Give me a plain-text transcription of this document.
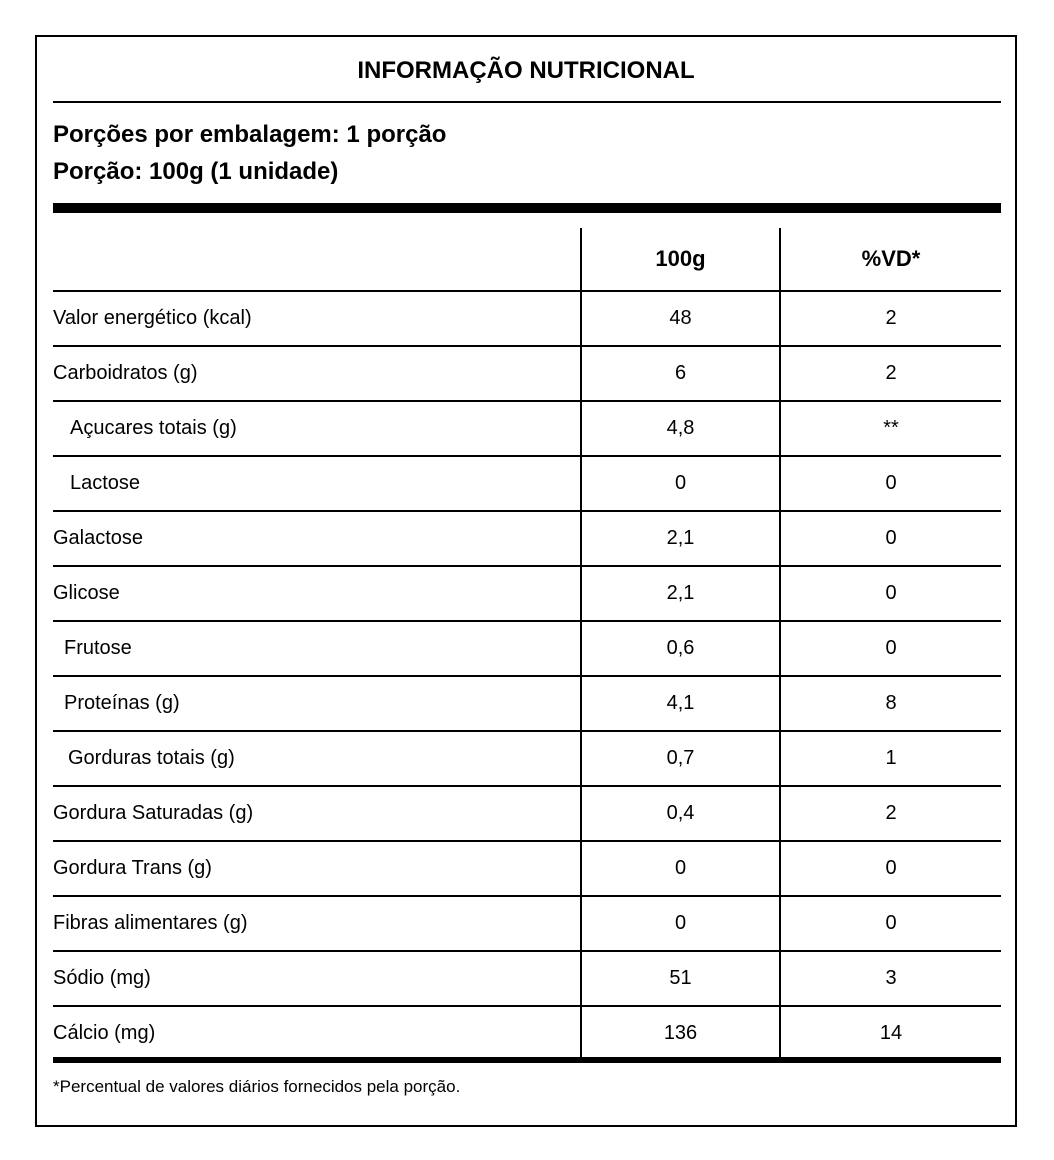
INFORMAÇÃO NUTRICIONAL
Porções por embalagem: 1 porção
Porção: 100g (1 unidade)
	100g	%VD*
Valor energético (kcal)	48	2
Carboidratos (g)	6	2
Açucares totais (g)	4,8	**
Lactose	0	0
Galactose	2,1	0
Glicose	2,1	0
Frutose	0,6	0
Proteínas (g)	4,1	8
Gorduras totais (g)	0,7	1
Gordura Saturadas (g)	0,4	2
Gordura Trans (g)	0	0
Fibras alimentares (g)	0	0
Sódio (mg)	51	3
Cálcio (mg)	136	14
*Percentual de valores diários fornecidos pela porção.
